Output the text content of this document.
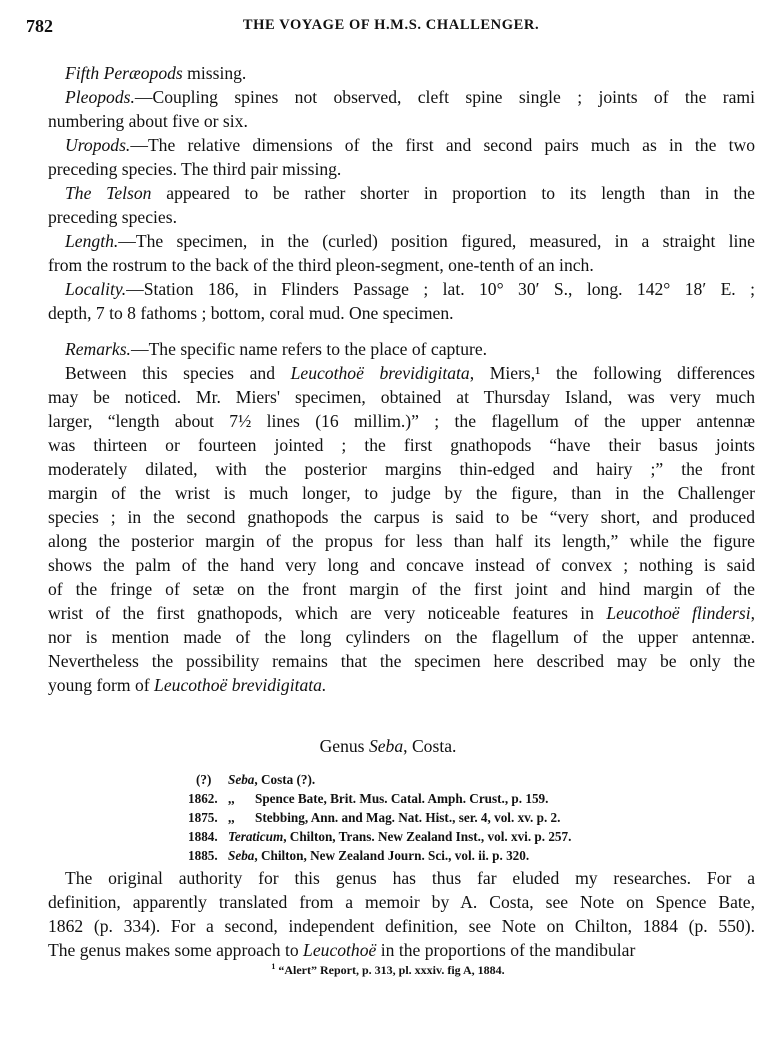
782	THE VOYAGE OF H.M.S. CHALLENGER.
Fifth Peræopods missing.
Pleopods.—Coupling spines not observed, cleft spine single ; joints of the rami
numbering about five or six.
Uropods.—The relative dimensions of the first and second pairs much as in the two
preceding species. The third pair missing.
The Telson appeared to be rather shorter in proportion to its length than in the
preceding species.
Length.—The specimen, in the (curled) position figured, measured, in a straight line
from the rostrum to the back of the third pleon-segment, one-tenth of an inch.
Locality.—Station 186, in Flinders Passage ; lat. 10° 30′ S., long. 142° 18′ E. ;
depth, 7 to 8 fathoms ; bottom, coral mud. One specimen.
Remarks.—The specific name refers to the place of capture.
Between this species and Leucothoë brevidigitata, Miers,¹ the following differences
may be noticed. Mr. Miers' specimen, obtained at Thursday Island, was very much
larger, “length about 7½ lines (16 millim.)” ; the flagellum of the upper antennæ
was thirteen or fourteen jointed ; the first gnathopods “have their basus joints
moderately dilated, with the posterior margins thin-edged and hairy ;” the front
margin of the wrist is much longer, to judge by the figure, than in the Challenger
species ; in the second gnathopods the carpus is said to be “very short, and produced
along the posterior margin of the propus for less than half its length,” while the figure
shows the palm of the hand very long and concave instead of convex ; nothing is said
of the fringe of setæ on the front margin of the first joint and hind margin of the
wrist of the first gnathopods, which are very noticeable features in Leucothoë flindersi,
nor is mention made of the long cylinders on the flagellum of the upper antennæ.
Nevertheless the possibility remains that the specimen here described may be only the
young form of Leucothoë brevidigitata.
Genus Seba, Costa.
(?) Seba, Costa (?).
1862. ,, Spence Bate, Brit. Mus. Catal. Amph. Crust., p. 159.
1875. ,, Stebbing, Ann. and Mag. Nat. Hist., ser. 4, vol. xv. p. 2.
1884. Teraticum, Chilton, Trans. New Zealand Inst., vol. xvi. p. 257.
1885. Seba, Chilton, New Zealand Journ. Sci., vol. ii. p. 320.
The original authority for this genus has thus far eluded my researches. For a
definition, apparently translated from a memoir by A. Costa, see Note on Spence Bate,
1862 (p. 334). For a second, independent definition, see Note on Chilton, 1884 (p. 550).
The genus makes some approach to Leucothoë in the proportions of the mandibular
$^1$ “Alert” Report, p. 313, pl. xxxiv. fig A, 1884.
